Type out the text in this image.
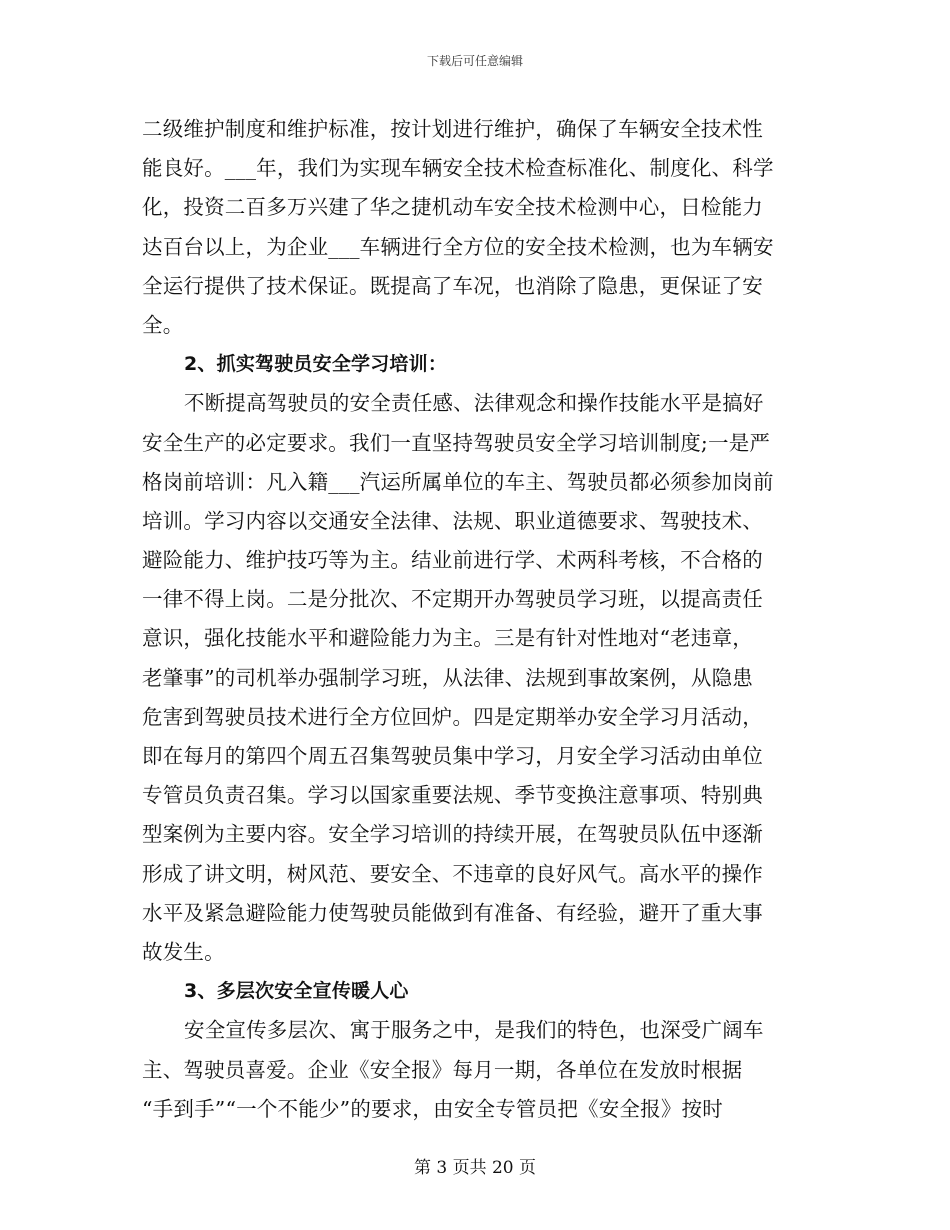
下载后可任意编辑
二级维护制度和维护标准，按计划进行维护，确保了车辆安全技术性
能良好。___年，我们为实现车辆安全技术检查标准化、制度化、科学
化，投资二百多万兴建了华之捷机动车安全技术检测中心，日检能力
达百台以上，为企业___车辆进行全方位的安全技术检测，也为车辆安
全运行提供了技术保证。既提高了车况，也消除了隐患，更保证了安
全。
2、抓实驾驶员安全学习培训：
不断提高驾驶员的安全责任感、法律观念和操作技能水平是搞好
安全生产的必定要求。我们一直坚持驾驶员安全学习培训制度;一是严
格岗前培训：凡入籍___汽运所属单位的车主、驾驶员都必须参加岗前
培训。学习内容以交通安全法律、法规、职业道德要求、驾驶技术、
避险能力、维护技巧等为主。结业前进行学、术两科考核，不合格的
一律不得上岗。二是分批次、不定期开办驾驶员学习班，以提高责任
意识，强化技能水平和避险能力为主。三是有针对性地对“老违章，
老肇事”的司机举办强制学习班，从法律、法规到事故案例，从隐患
危害到驾驶员技术进行全方位回炉。四是定期举办安全学习月活动，
即在每月的第四个周五召集驾驶员集中学习，月安全学习活动由单位
专管员负责召集。学习以国家重要法规、季节变换注意事项、特别典
型案例为主要内容。安全学习培训的持续开展，在驾驶员队伍中逐渐
形成了讲文明，树风范、要安全、不违章的良好风气。高水平的操作
水平及紧急避险能力使驾驶员能做到有准备、有经验，避开了重大事
故发生。
3、多层次安全宣传暖人心
安全宣传多层次、寓于服务之中，是我们的特色，也深受广阔车
主、驾驶员喜爱。企业《安全报》每月一期，各单位在发放时根据
“手到手”“一个不能少”的要求，由安全专管员把《安全报》按时
第 3 页共 20 页
